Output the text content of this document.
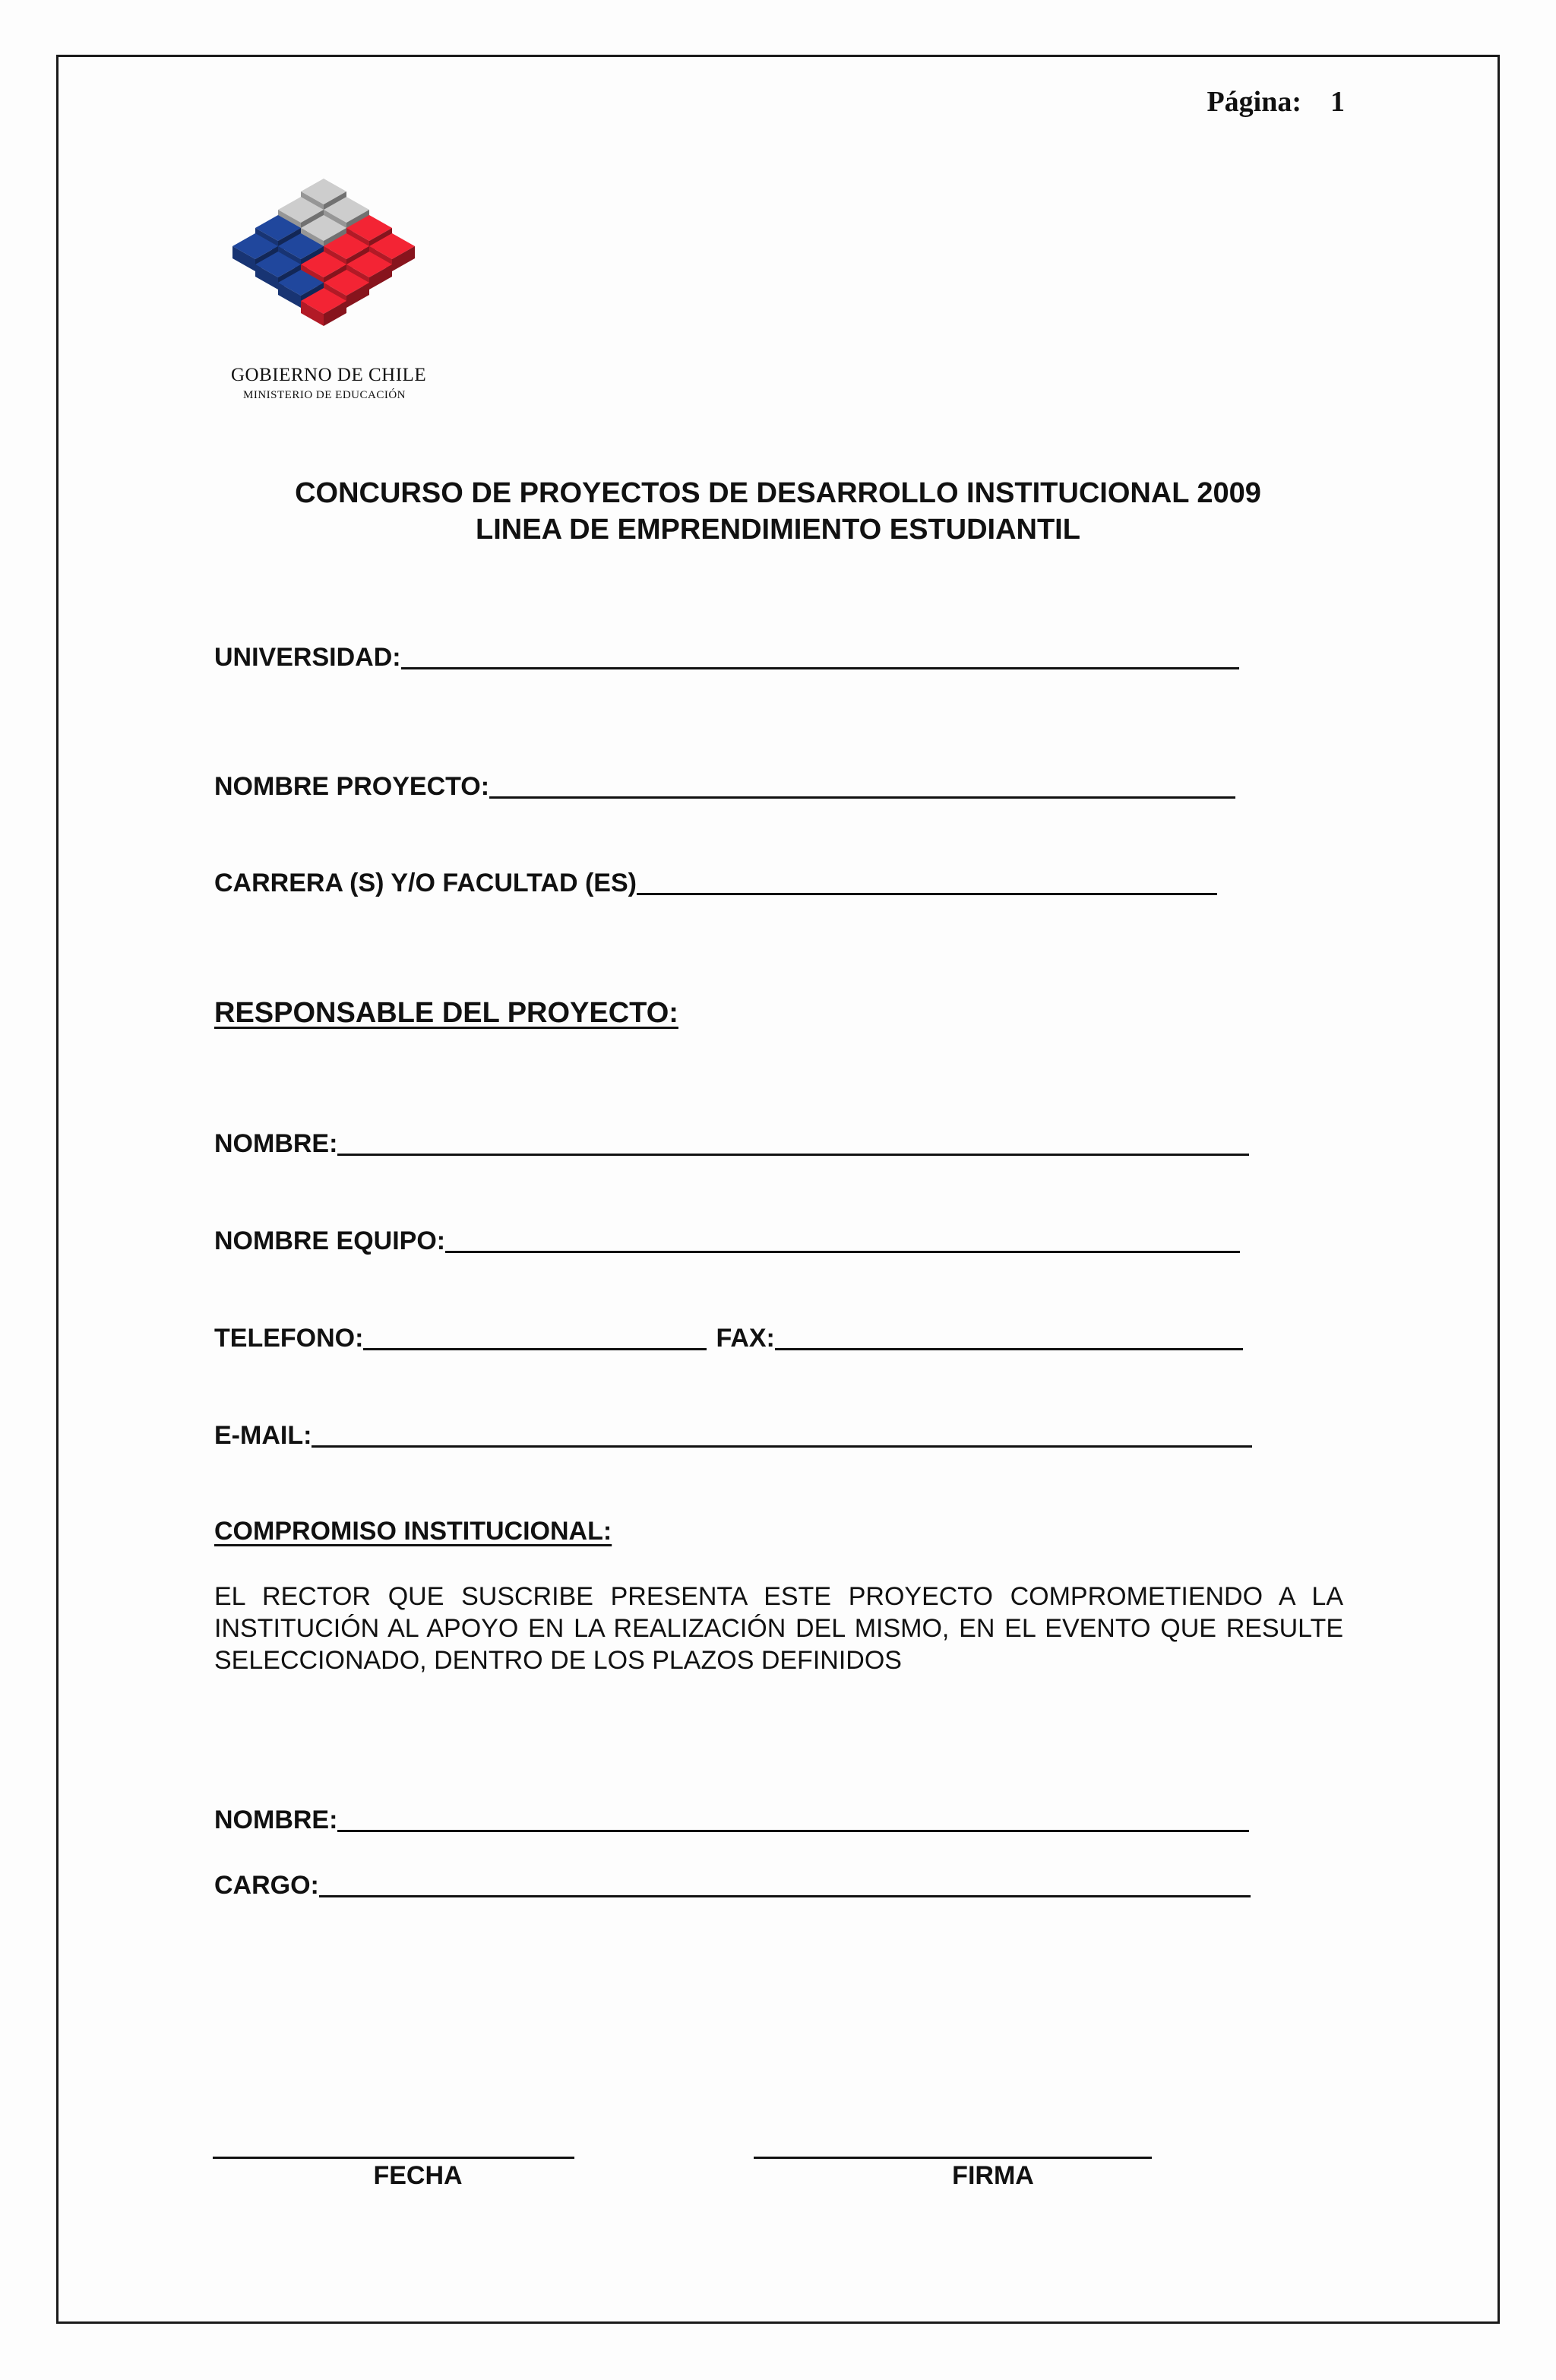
Página: 1
GOBIERNO DE CHILE
MINISTERIO DE EDUCACIÓN
CONCURSO DE PROYECTOS DE DESARROLLO INSTITUCIONAL 2009
LINEA DE EMPRENDIMIENTO ESTUDIANTIL
UNIVERSIDAD:
NOMBRE PROYECTO:
CARRERA (S) Y/O FACULTAD (ES)
RESPONSABLE DEL PROYECTO:
NOMBRE:
NOMBRE EQUIPO:
TELEFONO:	FAX:
E-MAIL:
COMPROMISO INSTITUCIONAL:
EL RECTOR QUE SUSCRIBE PRESENTA ESTE PROYECTO COMPROMETIENDO A LA INSTITUCIÓN AL APOYO EN LA REALIZACIÓN DEL MISMO, EN EL EVENTO QUE RESULTE SELECCIONADO, DENTRO DE LOS PLAZOS DEFINIDOS
NOMBRE:
CARGO:
FECHA	FIRMA
